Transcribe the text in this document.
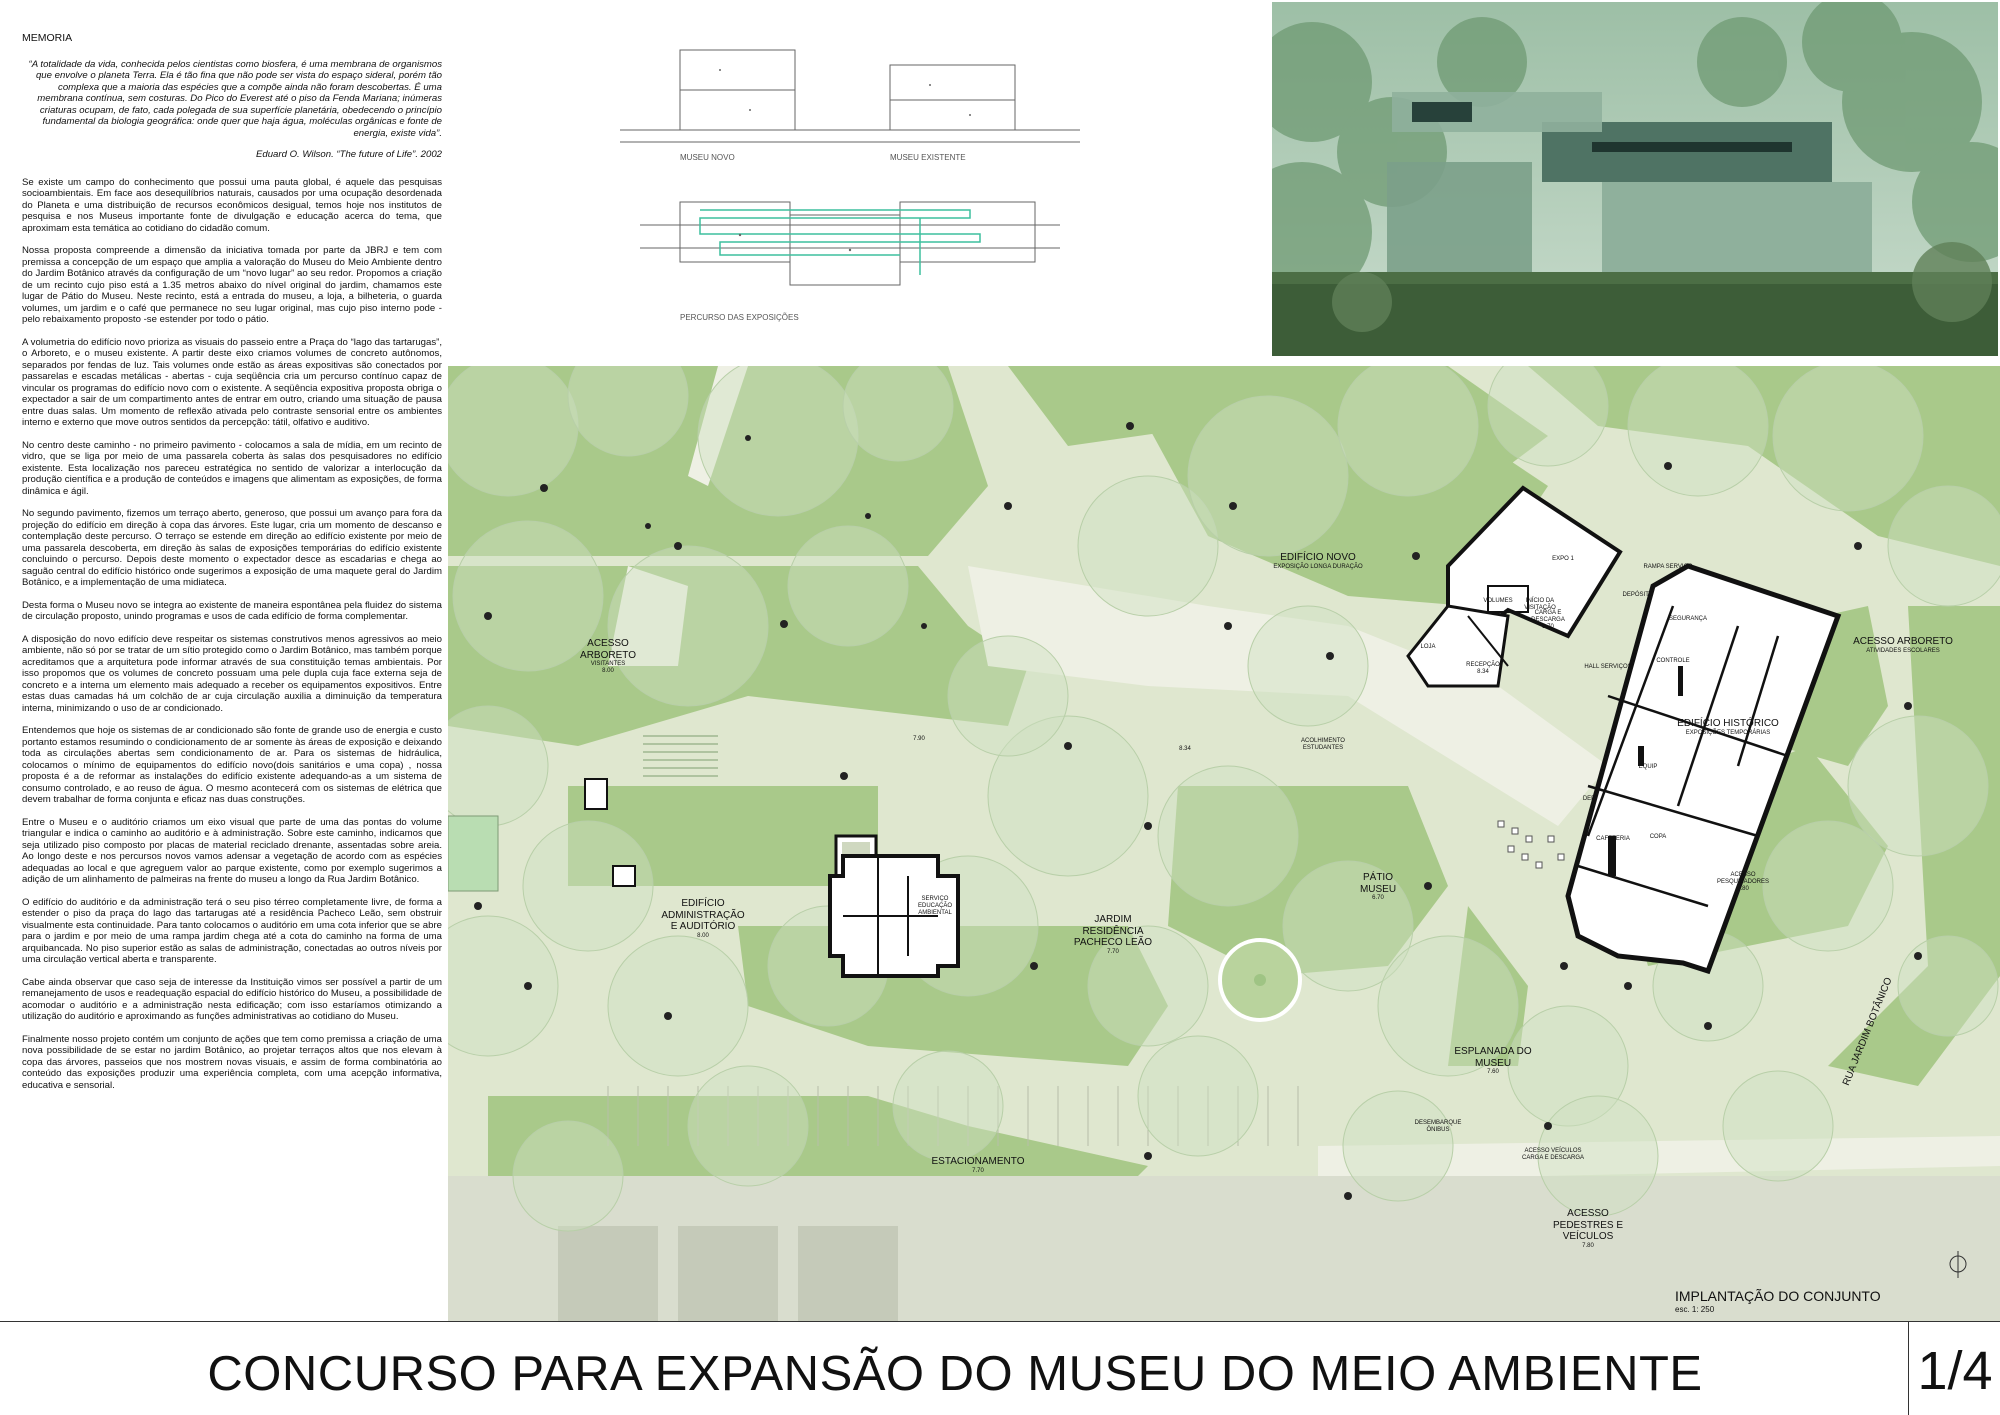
MEMORIA

“A totalidade da vida, conhecida pelos cientistas como biosfera, é uma membrana de organismos que envolve o planeta Terra. Ela é tão fina que não pode ser vista do espaço sideral, porém tão complexa que a maioria das espécies que a compõe ainda não foram descobertas. É uma membrana contínua, sem costuras. Do Pico do Everest até o piso da Fenda Mariana; inúmeras criaturas ocupam, de fato, cada polegada de sua superfície planetária, obedecendo o princípio fundamental da biologia geográfica: onde quer que haja água, moléculas orgânicas e fonte de energia, existe vida”.

Eduard O. Wilson. “The future of Life”. 2002

Se existe um campo do conhecimento que possui uma pauta global, é aquele das pesquisas socioambientais. Em face aos desequilíbrios naturais, causados por uma ocupação desordenada do Planeta e uma distribuição de recursos econômicos desigual, temos hoje nos institutos de pesquisa e nos Museus importante fonte de divulgação e educação acerca do tema, que aproximam esta temática ao cotidiano do cidadão comum.

Nossa proposta compreende a dimensão da iniciativa tomada por parte da JBRJ e tem com premissa a concepção de um espaço que amplia a valoração do Museu do Meio Ambiente dentro do Jardim Botânico através da configuração de um “novo lugar” ao seu redor. Propomos a criação de um recinto cujo piso está a 1.35 metros abaixo do nível original do jardim, chamamos este lugar de Pátio do Museu. Neste recinto, está a entrada do museu, a loja, a bilheteria, o guarda volumes, um jardim e o café que permanece no seu lugar original, mas cujo piso interno pode - pelo rebaixamento proposto -se estender por todo o pátio.

A volumetria do edifício novo prioriza as visuais do passeio entre a Praça do “lago das tartarugas”, o Arboreto, e o museu existente. A partir deste eixo criamos volumes de concreto autônomos, separados por fendas de luz. Tais volumes onde estão as áreas expositivas são conectados por passarelas e escadas metálicas - abertas - cuja seqüência cria um percurso contínuo capaz de vincular os programas do edifício novo com o existente. A seqüência expositiva proposta obriga o expectador a sair de um compartimento antes de entrar em outro, criando uma situação de pausa entre duas salas. Um momento de reflexão ativada pelo contraste sensorial entre os ambientes interno e externo que move outros sentidos da percepção: tátil, olfativo e auditivo.

No centro deste caminho - no primeiro pavimento - colocamos a sala de mídia, em um recinto de vidro, que se liga por meio de uma passarela coberta às salas dos pesquisadores no edifício existente. Esta localização nos pareceu estratégica no sentido de valorizar a interlocução da produção científica e a produção de conteúdos e imagens que alimentam as exposições, de forma dinâmica e ágil.

No segundo pavimento, fizemos um terraço aberto, generoso, que possui um avanço para fora da projeção do edifício em direção à copa das árvores. Este lugar, cria um momento de descanso e contemplação deste percurso. O terraço se estende em direção ao edifício existente por meio de uma passarela descoberta, em direção às salas de exposições temporárias do edifício existente concluindo o percurso. Depois deste momento o expectador desce as escadarias e chega ao saguão central do edifício histórico onde sugerimos a exposição de uma maquete geral do Jardim Botânico, e a implementação de uma midiateca.

Desta forma o Museu novo se integra ao existente de maneira espontânea pela fluidez do sistema de circulação proposto, unindo programas e usos de cada edifício de forma complementar.

A disposição do novo edifício deve respeitar os sistemas construtivos menos agressivos ao meio ambiente, não só por se tratar de um sítio protegido como o Jardim Botânico, mas também porque acreditamos que a arquitetura pode informar através de sua constituição temas ambientais. Por isso propomos que os volumes de concreto possuam uma pele dupla cuja face externa seja de concreto e a interna um elemento mais adequado a receber os equipamentos expositivos. Entre estas duas camadas há um colchão de ar cuja circulação auxilia a diminuição da temperatura interna, minimizando o uso de ar condicionado.

Entendemos que hoje os sistemas de ar condicionado são fonte de grande uso de energia e custo portanto estamos resumindo o condicionamento de ar somente às áreas de exposição e deixando toda as circulações abertas sem condicionamento de ar. Para os sistemas de hidráulica, colocamos o mínimo de equipamentos do edifício novo(dois sanitários e uma copa) , nossa proposta é a de reformar as instalações do edifício existente adequando-as a um sistema de consumo controlado, e ao reuso de água. O mesmo acontecerá com os sistemas de elétrica que devem trabalhar de forma conjunta e eficaz nas duas construções.

Entre o Museu e o auditório criamos um eixo visual que parte de uma das pontas do volume triangular e indica o caminho ao auditório e à administração. Sobre este caminho, indicamos que seja utilizado piso composto por placas de material reciclado drenante, assentadas sobre areia. Ao longo deste e nos percursos novos vamos adensar a vegetação de acordo com as espécies adequadas ao local e que agreguem valor ao parque existente, como por exemplo sugerimos a adição de um alinhamento de palmeiras na frente do museu a longo da Rua Jardim Botânico.

O edifício do auditório e da administração terá o seu piso térreo completamente livre, de forma a estender o piso da praça do lago das tartarugas até a residência Pacheco Leão, sem obstruir visualmente esta continuidade. Para tanto colocamos o auditório em uma cota inferior que se abre para o jardim e por meio de uma rampa jardim chega até a cota do caminho na forma de uma arquibancada. No piso superior estão as salas de administração, conectadas ao outros níveis por uma circulação vertical aberta e transparente.

Cabe ainda observar que caso seja de interesse da Instituição vimos ser possível a partir de um remanejamento de usos e readequação espacial do edifício histórico do Museu, a possibilidade de acomodar o auditório e a administração nesta edificação; com isso estaríamos otimizando a utilização do auditório e aproximando as funções administrativas ao cotidiano do Museu.

Finalmente nosso projeto contém um conjunto de ações que tem como premissa a criação de uma nova possibilidade de se estar no jardim Botânico, ao projetar terraços altos que nos elevam à copa das árvores, passeios que nos mostrem novas visuais, e assim de forma combinatória ao conteúdo das exposições produzir uma experiência completa, com uma acepção informativa, educativa e sensorial.

MUSEU NOVO	MUSEU EXISTENTE
PERCURSO DAS EXPOSIÇÕES
EDIFÍCIO NOVO
EXPOSIÇÃO LONGA DURAÇÃO
EXPO 1
VOLUMES	INÍCIO DA VISITAÇÃO
LOJA
RECEPÇÃO
8.34
RAMPA SERVIÇO
CARGA E DESCARGA
8.70
DEPÓSITO
SEGURANÇA
CONTROLE
HALL SERVIÇOS
EDIFÍCIO HISTÓRICO
EXPOSIÇÕES TEMPORÁRIAS
EQUIP
DEP
CAFETERIA	COPA
ACESSO ARBORETO
VISITANTES
8.00
ACESSO ARBORETO
ATIVIDADES ESCOLARES
ACOLHIMENTO ESTUDANTES
7.90
8.34
EDIFÍCIO ADMINISTRAÇÃO E AUDITÓRIO
8.00
SERVIÇO EDUCAÇÃO AMBIENTAL
JARDIM RESIDÊNCIA PACHECO LEÃO
7.70
PÁTIO MUSEU
6.70
ACESSO PESQUISADORES
7.80
ESPLANADA DO MUSEU
7.60
ESTACIONAMENTO
7.70
DESEMBARQUE ÔNIBUS
ACESSO VEÍCULOS CARGA E DESCARGA
ACESSO PEDESTRES E VEÍCULOS
7.80
RUA JARDIM BOTÂNICO
IMPLANTAÇÃO DO CONJUNTO
esc. 1: 250
CONCURSO PARA EXPANSÃO DO MUSEU DO MEIO AMBIENTE	1/4
